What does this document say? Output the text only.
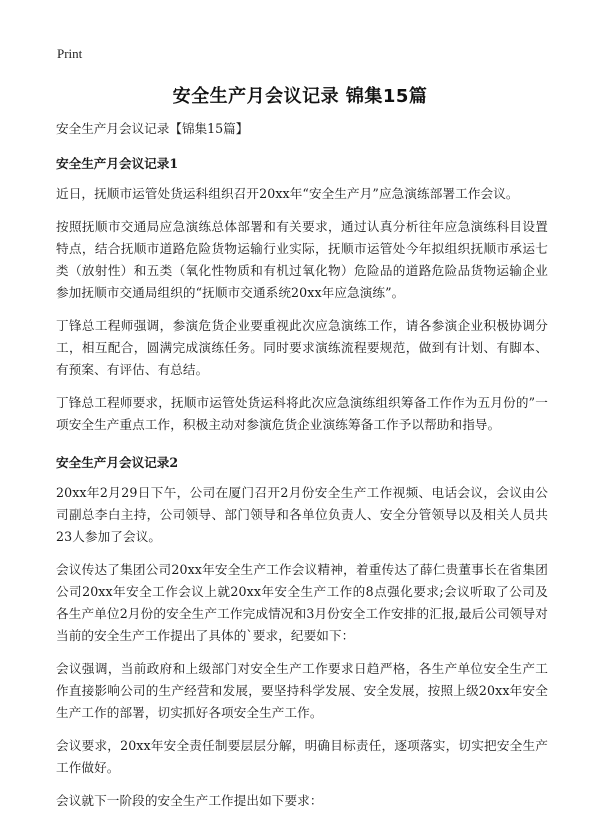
Print
安全生产月会议记录 锦集15篇

安全生产月会议记录【锦集15篇】

安全生产月会议记录1

近日，抚顺市运管处货运科组织召开20xx年“安全生产月”应急演练部署工作会议。

按照抚顺市交通局应急演练总体部署和有关要求，通过认真分析往年应急演练科目设置特点，结合抚顺市道路危险货物运输行业实际，抚顺市运管处今年拟组织抚顺市承运七类（放射性）和五类（氧化性物质和有机过氧化物）危险品的道路危险品货物运输企业参加抚顺市交通局组织的“抚顺市交通系统20xx年应急演练”。

丁锋总工程师强调，参演危货企业要重视此次应急演练工作，请各参演企业积极协调分工，相互配合，圆满完成演练任务。同时要求演练流程要规范，做到有计划、有脚本、有预案、有评估、有总结。

丁锋总工程师要求，抚顺市运管处货运科将此次应急演练组织筹备工作作为五月份的”一项安全生产重点工作，积极主动对参演危货企业演练筹备工作予以帮助和指导。

安全生产月会议记录2

20xx年2月29日下午，公司在厦门召开2月份安全生产工作视频、电话会议，会议由公司副总李白主持，公司领导、部门领导和各单位负责人、安全分管领导以及相关人员共23人参加了会议。

会议传达了集团公司20xx年安全生产工作会议精神，着重传达了薛仁贵董事长在省集团公司20xx年安全工作会议上就20xx年安全生产工作的8点强化要求;会议听取了公司及各生产单位2月份的安全生产工作完成情况和3月份安全工作安排的汇报,最后公司领导对当前的安全生产工作提出了具体的`要求，纪要如下：

会议强调，当前政府和上级部门对安全生产工作要求日趋严格，各生产单位安全生产工作直接影响公司的生产经营和发展，要坚持科学发展、安全发展，按照上级20xx年安全生产工作的部署，切实抓好各项安全生产工作。

会议要求，20xx年安全责任制要层层分解，明确目标责任，逐项落实，切实把安全生产工作做好。

会议就下一阶段的安全生产工作提出如下要求：
